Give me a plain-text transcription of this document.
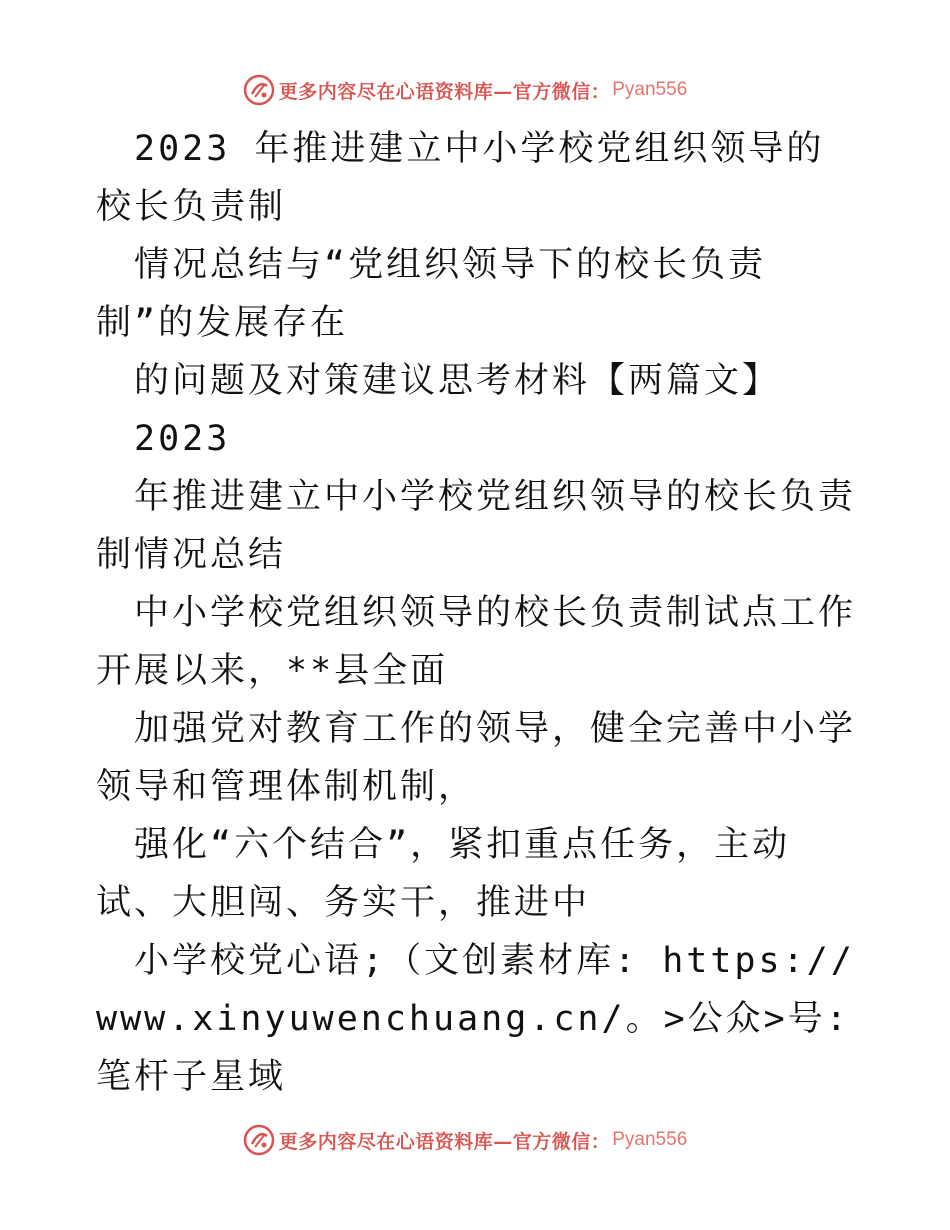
更多内容尽在心语资料库—官方微信： Pyan556

2023 年推进建立中小学校党组织领导的校长负责制

情况总结与“党组织领导下的校长负责制”的发展存在

的问题及对策建议思考材料【两篇文】

2023

年推进建立中小学校党组织领导的校长负责制情况总结

中小学校党组织领导的校长负责制试点工作开展以来，**县全面

加强党对教育工作的领导，健全完善中小学领导和管理体制机制，

强化“六个结合”，紧扣重点任务，主动试、大胆闯、务实干，推进中

小学校党心语;（文创素材库: https://

www.xinyuwenchuang.cn/。>公众>号: 笔杆子星域

更多内容尽在心语资料库—官方微信： Pyan556
